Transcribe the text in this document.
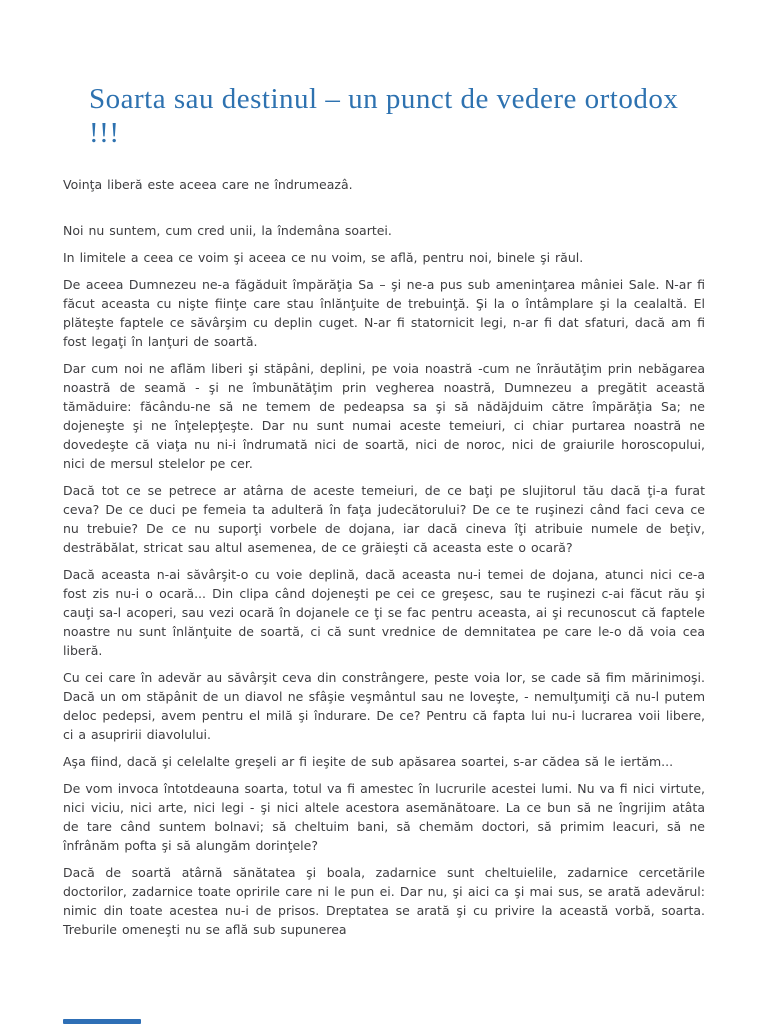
Soarta sau destinul – un punct de vedere ortodox !!!

Voinţa liberă este aceea care ne îndrumeazâ.

Noi nu suntem, cum cred unii, la îndemâna soartei.

In limitele a ceea ce voim şi aceea ce nu voim, se află, pentru noi, binele şi răul.

De aceea Dumnezeu ne-a făgăduit împărăţia Sa – şi ne-a pus sub ameninţarea mâniei Sale. N-ar fi făcut aceasta cu nişte fiinţe care stau înlănţuite de trebuinţă. Şi la o întâmplare şi la cealaltă. El plăteşte faptele ce săvârşim cu deplin cuget. N-ar fi statornicit legi, n-ar fi dat sfaturi, dacă am fi fost legaţi în lanţuri de soartă.

Dar cum noi ne aflăm liberi şi stăpâni, deplini, pe voia noastră -cum ne înrăutăţim prin nebăgarea noastră de seamă - şi ne îmbunătăţim prin vegherea noastră, Dumnezeu a pregătit această tămăduire: făcându-ne să ne temem de pedeapsa sa şi să nădăjduim către împărăţia Sa; ne dojeneşte şi ne înţelepţeşte. Dar nu sunt numai aceste temeiuri, ci chiar purtarea noastră ne dovedeşte că viaţa nu ni-i îndrumată nici de soartă, nici de noroc, nici de graiurile horoscopului, nici de mersul stelelor pe cer.

Dacă tot ce se petrece ar atârna de aceste temeiuri, de ce baţi pe slujitorul tău dacă ţi-a furat ceva? De ce duci pe femeia ta adulteră în faţa judecătorului? De ce te ruşinezi când faci ceva ce nu trebuie? De ce nu suporţi vorbele de dojana, iar dacă cineva îţi atribuie numele de beţiv, destrăbălat, stricat sau altul asemenea, de ce grăieşti că aceasta este o ocară?

Dacă aceasta n-ai săvârşit-o cu voie deplină, dacă aceasta nu-i temei de dojana, atunci nici ce-a fost zis nu-i o ocară... Din clipa când dojeneşti pe cei ce greşesc, sau te ruşinezi c-ai făcut rău şi cauţi sa-l acoperi, sau vezi ocară în dojanele ce ţi se fac pentru aceasta, ai şi recunoscut că faptele noastre nu sunt înlănţuite de soartă, ci că sunt vrednice de demnitatea pe care le-o dă voia cea liberă.

Cu cei care în adevăr au săvârşit ceva din constrângere, peste voia lor, se cade să fim mărinimoşi. Dacă un om stăpânit de un diavol ne sfâşie veşmântul sau ne loveşte, - nemulţumiţi că nu-l putem deloc pedepsi, avem pentru el milă şi îndurare. De ce? Pentru că fapta lui nu-i lucrarea voii libere, ci a asupririi diavolului.

Aşa fiind, dacă şi celelalte greşeli ar fi ieşite de sub apăsarea soartei, s-ar cădea să le iertăm...

De vom invoca întotdeauna soarta, totul va fi amestec în lucrurile acestei lumi. Nu va fi nici virtute, nici viciu, nici arte, nici legi - şi nici altele acestora asemănătoare. La ce bun să ne îngrijim atâta de tare când suntem bolnavi; să cheltuim bani, să chemăm doctori, să primim leacuri, să ne înfrânăm pofta şi să alungăm dorinţele?

Dacă de soartă atârnă sănătatea şi boala, zadarnice sunt cheltuielile, zadarnice cercetările doctorilor, zadarnice toate opririle care ni le pun ei. Dar nu, şi aici ca şi mai sus, se arată adevărul: nimic din toate acestea nu-i de prisos. Dreptatea se arată şi cu privire la această vorbă, soarta. Treburile omeneşti nu se află sub supunerea
